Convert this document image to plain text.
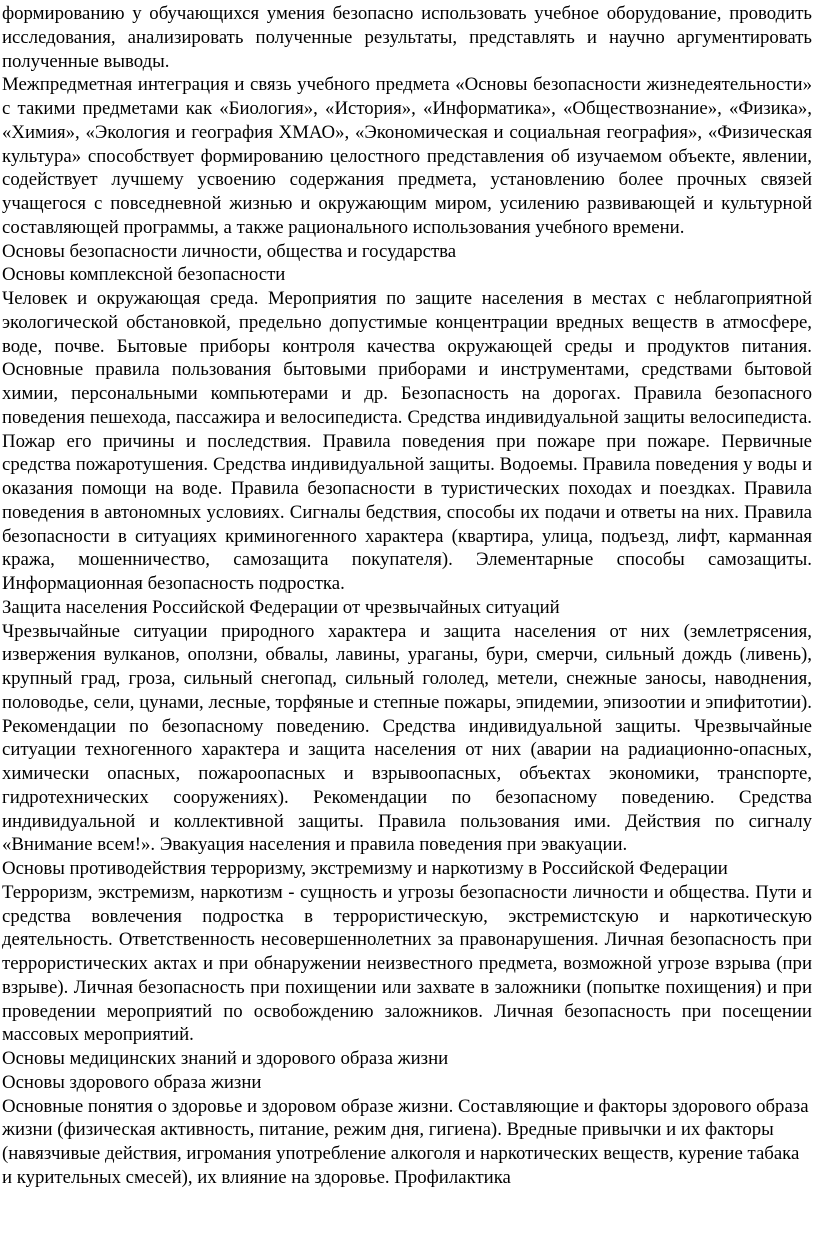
формированию у обучающихся умения безопасно использовать учебное оборудование, проводить исследования, анализировать полученные результаты, представлять и научно аргументировать полученные выводы.

Межпредметная интеграция и связь учебного предмета «Основы безопасности жизнедеятельности» с такими предметами как «Биология», «История», «Информатика», «Обществознание», «Физика», «Химия», «Экология и география ХМАО», «Экономическая и социальная география», «Физическая культура» способствует формированию целостного представления об изучаемом объекте, явлении, содействует лучшему усвоению содержания предмета, установлению более прочных связей учащегося с повседневной жизнью и окружающим миром, усилению развивающей и культурной составляющей программы, а также рационального использования учебного времени.

Основы безопасности личности, общества и государства

Основы комплексной безопасности

Человек и окружающая среда. Мероприятия по защите населения в местах с неблагоприятной экологической обстановкой, предельно допустимые концентрации вредных веществ в атмосфере, воде, почве. Бытовые приборы контроля качества окружающей среды и продуктов питания. Основные правила пользования бытовыми приборами и инструментами, средствами бытовой химии, персональными компьютерами и др. Безопасность на дорогах. Правила безопасного поведения пешехода, пассажира и велосипедиста. Средства индивидуальной защиты велосипедиста. Пожар его причины и последствия. Правила поведения при пожаре при пожаре. Первичные средства пожаротушения. Средства индивидуальной защиты. Водоемы. Правила поведения у воды и оказания помощи на воде. Правила безопасности в туристических походах и поездках. Правила поведения в автономных условиях. Сигналы бедствия, способы их подачи и ответы на них. Правила безопасности в ситуациях криминогенного характера (квартира, улица, подъезд, лифт, карманная кража, мошенничество, самозащита покупателя). Элементарные способы самозащиты. Информационная безопасность подростка.

Защита населения Российской Федерации от чрезвычайных ситуаций

Чрезвычайные ситуации природного характера и защита населения от них (землетрясения, извержения вулканов, оползни, обвалы, лавины, ураганы, бури, смерчи, сильный дождь (ливень), крупный град, гроза, сильный снегопад, сильный гололед, метели, снежные заносы, наводнения, половодье, сели, цунами, лесные, торфяные и степные пожары, эпидемии, эпизоотии и эпифитотии). Рекомендации по безопасному поведению. Средства индивидуальной защиты. Чрезвычайные ситуации техногенного характера и защита населения от них (аварии на радиационно-опасных, химически опасных, пожароопасных и взрывоопасных, объектах экономики, транспорте, гидротехнических сооружениях). Рекомендации по безопасному поведению. Средства индивидуальной и коллективной защиты. Правила пользования ими. Действия по сигналу «Внимание всем!». Эвакуация населения и правила поведения при эвакуации.

Основы противодействия терроризму, экстремизму и наркотизму в Российской Федерации

Терроризм, экстремизм, наркотизм - сущность и угрозы безопасности личности и общества. Пути и средства вовлечения подростка в террористическую, экстремистскую и наркотическую деятельность. Ответственность несовершеннолетних за правонарушения. Личная безопасность при террористических актах и при обнаружении неизвестного предмета, возможной угрозе взрыва (при взрыве). Личная безопасность при похищении или захвате в заложники (попытке похищения) и при проведении мероприятий по освобождению заложников. Личная безопасность при посещении массовых мероприятий.

Основы медицинских знаний и здорового образа жизни

Основы здорового образа жизни

Основные понятия о здоровье и здоровом образе жизни. Составляющие и факторы здорового образа жизни (физическая активность, питание, режим дня, гигиена). Вредные привычки и их факторы (навязчивые действия, игромания употребление алкоголя и наркотических веществ, курение табака и курительных смесей), их влияние на здоровье. Профилактика
